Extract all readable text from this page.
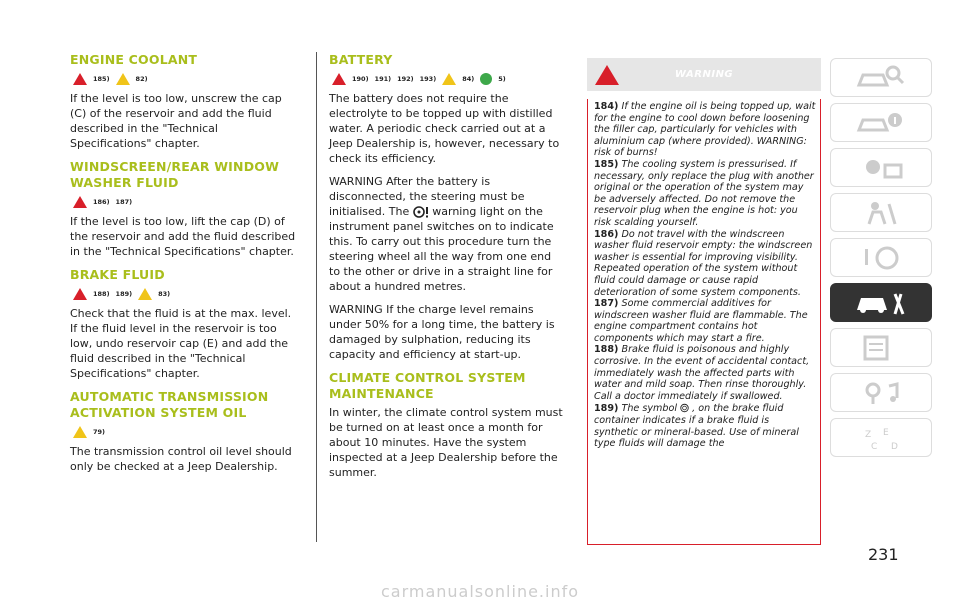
ENGINE COOLANT
185)	82)

If the level is too low, unscrew the cap (C) of the reservoir and add the fluid described in the "Technical Specifications" chapter.

WINDSCREEN/REAR WINDOW WASHER FLUID
186) 187)

If the level is too low, lift the cap (D) of the reservoir and add the fluid described in the "Technical Specifications" chapter.

BRAKE FLUID
188) 189)	83)

Check that the fluid is at the max. level. If the fluid level in the reservoir is too low, undo reservoir cap (E) and add the fluid described in the "Technical Specifications" chapter.

AUTOMATIC TRANSMISSION ACTIVATION SYSTEM OIL
79)

The transmission control oil level should only be checked at a Jeep Dealership.

BATTERY
190) 191) 192) 193)	84)	5)

The battery does not require the electrolyte to be topped up with distilled water. A periodic check carried out at a Jeep Dealership is, however, necessary to check its efficiency.

WARNING After the battery is disconnected, the steering must be initialised. The warning light on the instrument panel switches on to indicate this. To carry out this procedure turn the steering wheel all the way from one end to the other or drive in a straight line for about a hundred metres.

WARNING If the charge level remains under 50% for a long time, the battery is damaged by sulphation, reducing its capacity and efficiency at start-up.

CLIMATE CONTROL SYSTEM MAINTENANCE

In winter, the climate control system must be turned on at least once a month for about 10 minutes. Have the system inspected at a Jeep Dealership before the summer.

WARNING

184) If the engine oil is being topped up, wait for the engine to cool down before loosening the filler cap, particularly for vehicles with aluminium cap (where provided). WARNING: risk of burns!

185) The cooling system is pressurised. If necessary, only replace the plug with another original or the operation of the system may be adversely affected. Do not remove the reservoir plug when the engine is hot: you risk scalding yourself.

186) Do not travel with the windscreen washer fluid reservoir empty: the windscreen washer is essential for improving visibility. Repeated operation of the system without fluid could damage or cause rapid deterioration of some system components.

187) Some commercial additives for windscreen washer fluid are flammable. The engine compartment contains hot components which may start a fire.

188) Brake fluid is poisonous and highly corrosive. In the event of accidental contact, immediately wash the affected parts with water and mild soap. Then rinse thoroughly. Call a doctor immediately if swallowed.

189) The symbol , on the brake fluid container indicates if a brake fluid is synthetic or mineral-based. Use of mineral type fluids will damage the

Z E
C D
231
carmanualsonline.info
